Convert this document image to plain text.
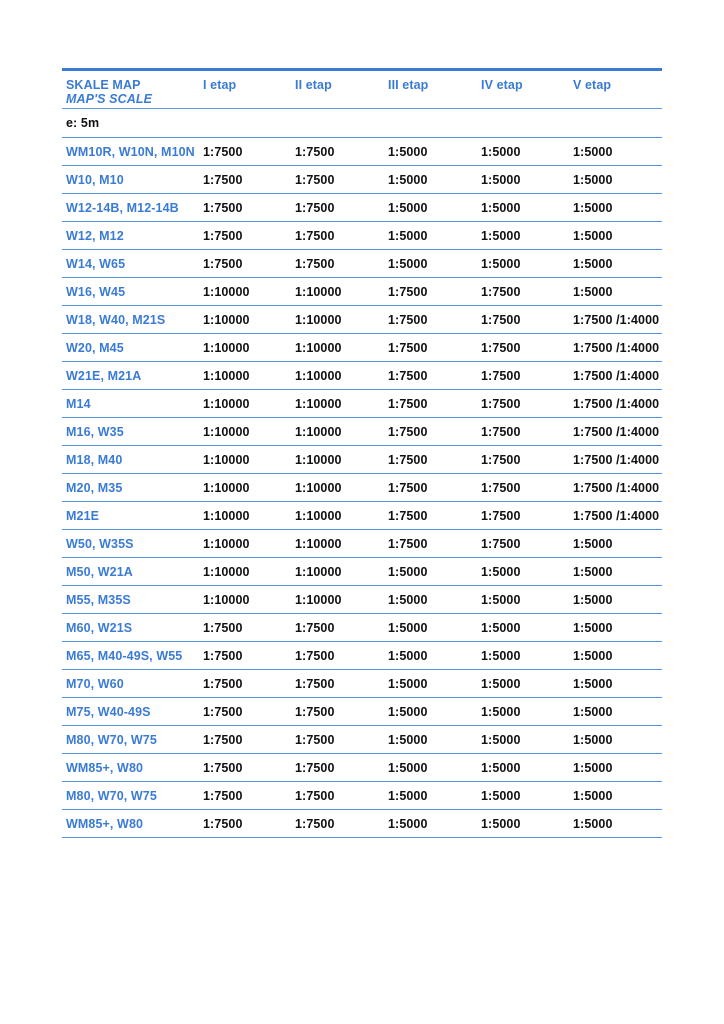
SKALE MAP
MAP'S SCALE
I etap	II etap	III etap	IV etap	V etap
e: 5m
WM10R, W10N, M10N 1:7500	1:7500	1:5000	1:5000	1:5000
W10, M10	1:7500	1:7500	1:5000	1:5000	1:5000
W12-14B, M12-14B	1:7500	1:7500	1:5000	1:5000	1:5000
W12, M12	1:7500	1:7500	1:5000	1:5000	1:5000
W14, W65	1:7500	1:7500	1:5000	1:5000	1:5000
W16, W45	1:10000	1:10000	1:7500	1:7500	1:5000
W18, W40, M21S	1:10000	1:10000	1:7500	1:7500	1:7500 /1:4000
W20, M45	1:10000	1:10000	1:7500	1:7500	1:7500 /1:4000
W21E, M21A	1:10000	1:10000	1:7500	1:7500	1:7500 /1:4000
M14	1:10000	1:10000	1:7500	1:7500	1:7500 /1:4000
M16, W35	1:10000	1:10000	1:7500	1:7500	1:7500 /1:4000
M18, M40	1:10000	1:10000	1:7500	1:7500	1:7500 /1:4000
M20, M35	1:10000	1:10000	1:7500	1:7500	1:7500 /1:4000
M21E	1:10000	1:10000	1:7500	1:7500	1:7500 /1:4000
W50, W35S	1:10000	1:10000	1:7500	1:7500	1:5000
M50, W21A	1:10000	1:10000	1:5000	1:5000	1:5000
M55, M35S	1:10000	1:10000	1:5000	1:5000	1:5000
M60, W21S	1:7500	1:7500	1:5000	1:5000	1:5000
M65, M40-49S, W55	1:7500	1:7500	1:5000	1:5000	1:5000
M70, W60	1:7500	1:7500	1:5000	1:5000	1:5000
M75, W40-49S	1:7500	1:7500	1:5000	1:5000	1:5000
M80, W70, W75	1:7500	1:7500	1:5000	1:5000	1:5000
WM85+, W80	1:7500	1:7500	1:5000	1:5000	1:5000
M80, W70, W75	1:7500	1:7500	1:5000	1:5000	1:5000
WM85+, W80	1:7500	1:7500	1:5000	1:5000	1:5000
